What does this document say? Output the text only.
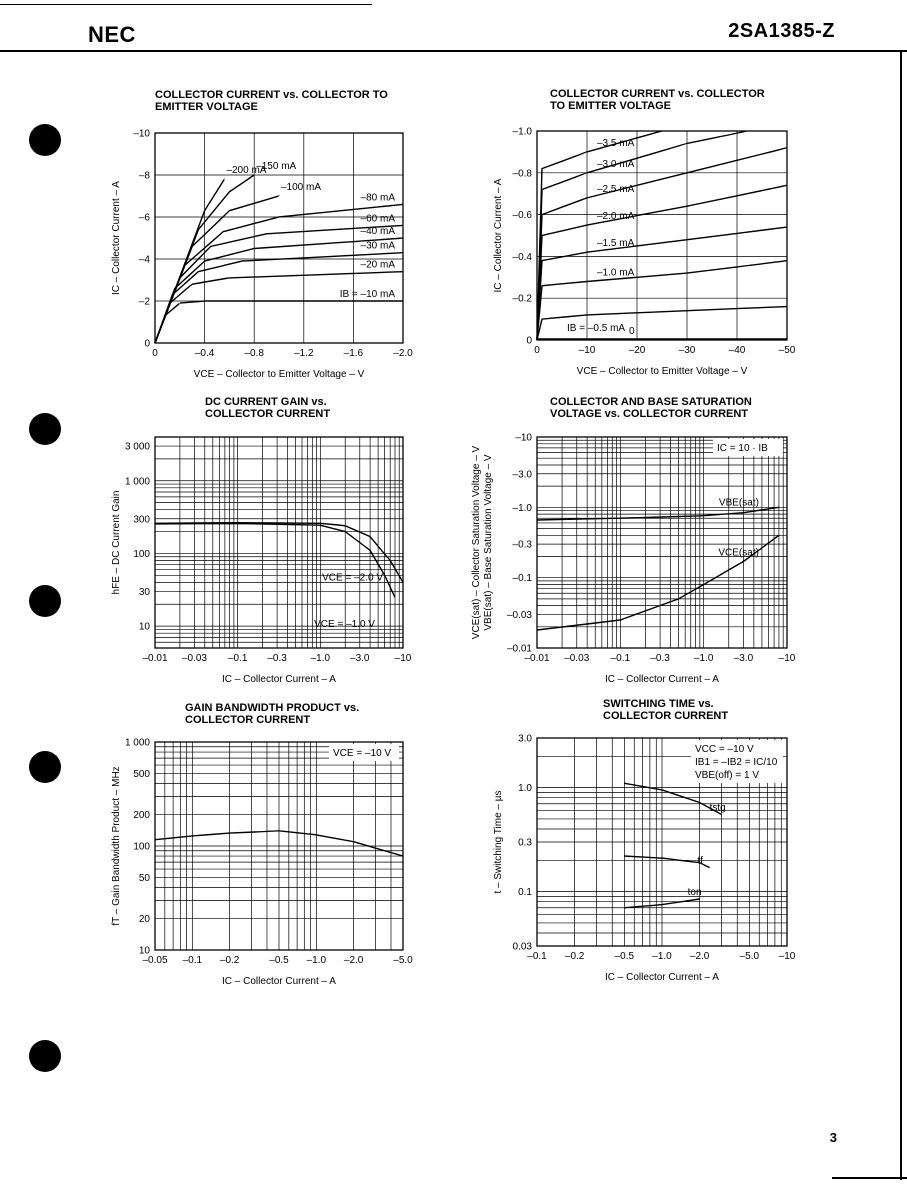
NEC	2SA1385-Z
3
COLLECTOR CURRENT vs. COLLECTOR TO
EMITTER VOLTAGE
0	–0.4	–0.8	–1.2	–1.6	–2.0
–10
–8
–6
–4
–2
0
VCE – Collector to Emitter Voltage – V
IC – Collector Current – A	IB = –10 mA
–20 mA
–30 mA
–40 mA
–60 mA
–80 mA
–100 mA
–150 mA
–200 mA
COLLECTOR CURRENT vs. COLLECTOR
TO EMITTER VOLTAGE
0	–10	–20	–30	–40	–50
–1.0
–0.8
–0.6
–0.4
–0.2
0
VCE – Collector to Emitter Voltage – V
IC – Collector Current – A
0
IB = –0.5 mA
–1.0 mA
–1.5 mA
–2.0 mA
–2.5 mA
–3.0 mA
–3.5 mA
DC CURRENT GAIN vs.
COLLECTOR CURRENT
–0.01 –0.03 –0.1 –0.3 –1.0 –3.0	–10
3 000
1 000
300
100
30
10
IC – Collector Current – A
hFE – DC Current Gain	VCE = –2.0 V
VCE = –1.0 V
COLLECTOR AND BASE SATURATION
VOLTAGE vs. COLLECTOR CURRENT
–0.01 –0.03 –0.1 –0.3 –1.0 –3.0	–10
–10
–3.0
–1.0
–0.3
–0.1
–0.03
–0.01
IC – Collector Current – A
VCE(sat) – Collector Saturation Voltage – V VBE(sat) – Base Saturation Voltage – V	VBE(sat)
VCE(sat)
IC = 10 · IB
GAIN BANDWIDTH PRODUCT vs.
COLLECTOR CURRENT
–0.05 –0.1 –0.2	–0.5 –1.0 –2.0	–5.0
1 000
500
200
100
50
20
10
IC – Collector Current – A
fT – Gain Bandwidth Product – MHz
VCE = –10 V
SWITCHING TIME vs.
COLLECTOR CURRENT
–0.1 –0.2	–0.5 –1.0 –2.0	–5.0 –10
3.0
1.0
0.3
0.1
0.03
IC – Collector Current – A
t – Switching Time – µs	tstg
tf
ton
VCC = –10 V
IB1 = –IB2 = IC/10
VBE(off) = 1 V
